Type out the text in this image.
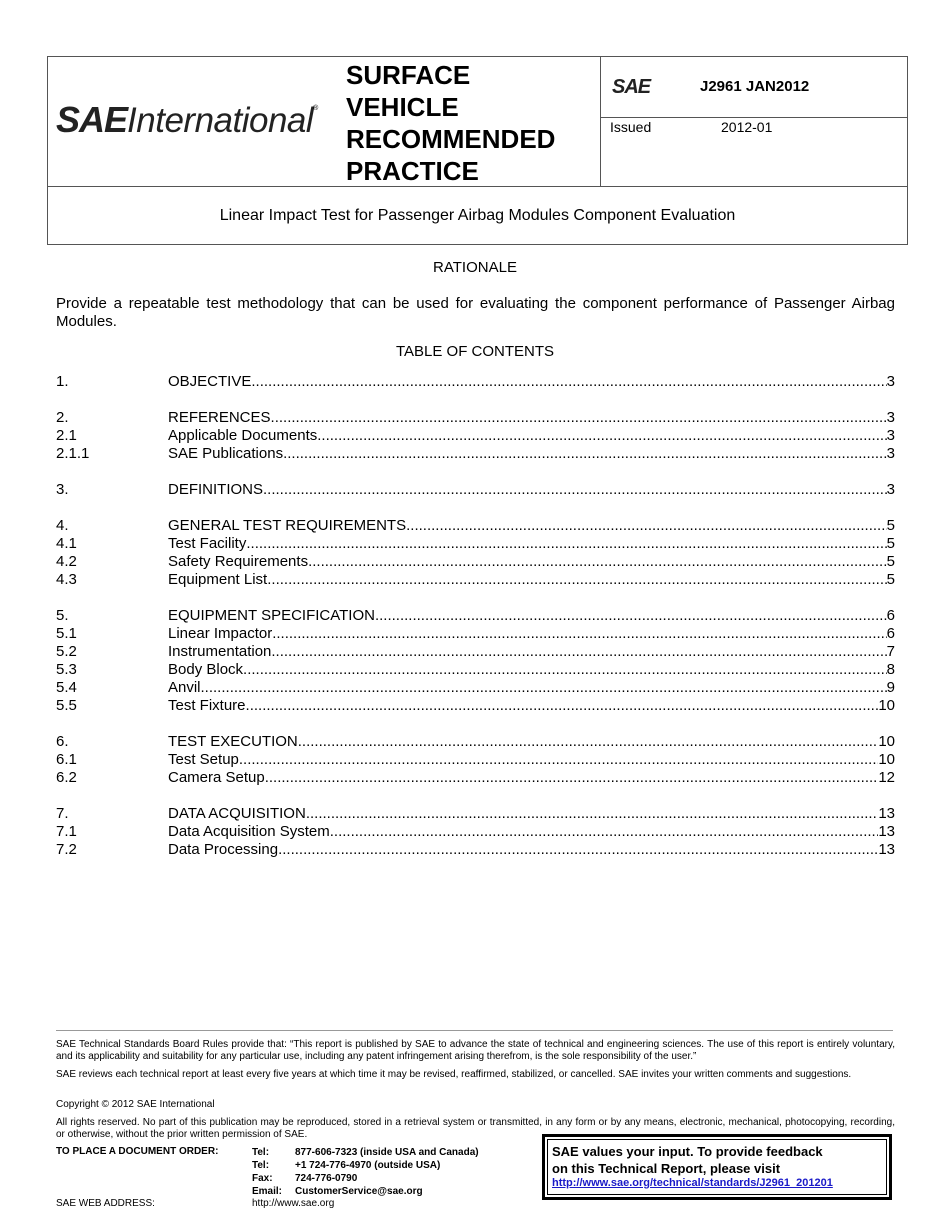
SAEInternational®
SURFACE
VEHICLE
RECOMMENDED
PRACTICE
SAE	J2961 JAN2012
Issued	2012-01
Linear Impact Test for Passenger Airbag Modules Component Evaluation
RATIONALE
Provide a repeatable test methodology that can be used for evaluating the component performance of Passenger Airbag Modules.
TABLE OF CONTENTS
1.	OBJECTIVE .....	3
2.	REFERENCES .....	3
2.1	Applicable Documents .....	3
2.1.1	SAE Publications .....	3
3.	DEFINITIONS .....	3
4.	GENERAL TEST REQUIREMENTS .....	5
4.1	Test Facility .....	5
4.2	Safety Requirements .....	5
4.3	Equipment List .....	5
5.	EQUIPMENT SPECIFICATION .....	6
5.1	Linear Impactor .....	6
5.2	Instrumentation .....	7
5.3	Body Block .....	8
5.4	Anvil .....	9
5.5	Test Fixture .....	10
6.	TEST EXECUTION .....	10
6.1	Test Setup .....	10
6.2	Camera Setup .....	12
7.	DATA ACQUISITION .....	13
7.1	Data Acquisition System .....	13
7.2	Data Processing .....	13
SAE Technical Standards Board Rules provide that: “This report is published by SAE to advance the state of technical and engineering sciences. The use of this report is entirely voluntary, and its applicability and suitability for any particular use, including any patent infringement arising therefrom, is the sole responsibility of the user.”
SAE reviews each technical report at least every five years at which time it may be revised, reaffirmed, stabilized, or cancelled. SAE invites your written comments and suggestions.
Copyright © 2012 SAE International
All rights reserved. No part of this publication may be reproduced, stored in a retrieval system or transmitted, in any form or by any means, electronic, mechanical, photocopying, recording, or otherwise, without the prior written permission of SAE.
TO PLACE A DOCUMENT ORDER:	Tel:	877-606-7323 (inside USA and Canada)
Tel:	+1 724-776-4970 (outside USA)
Fax: 724-776-0790
Email: CustomerService@sae.org
SAE WEB ADDRESS:	http://www.sae.org
SAE values your input. To provide feedback
on this Technical Report, please visit
http://www.sae.org/technical/standards/J2961_201201
